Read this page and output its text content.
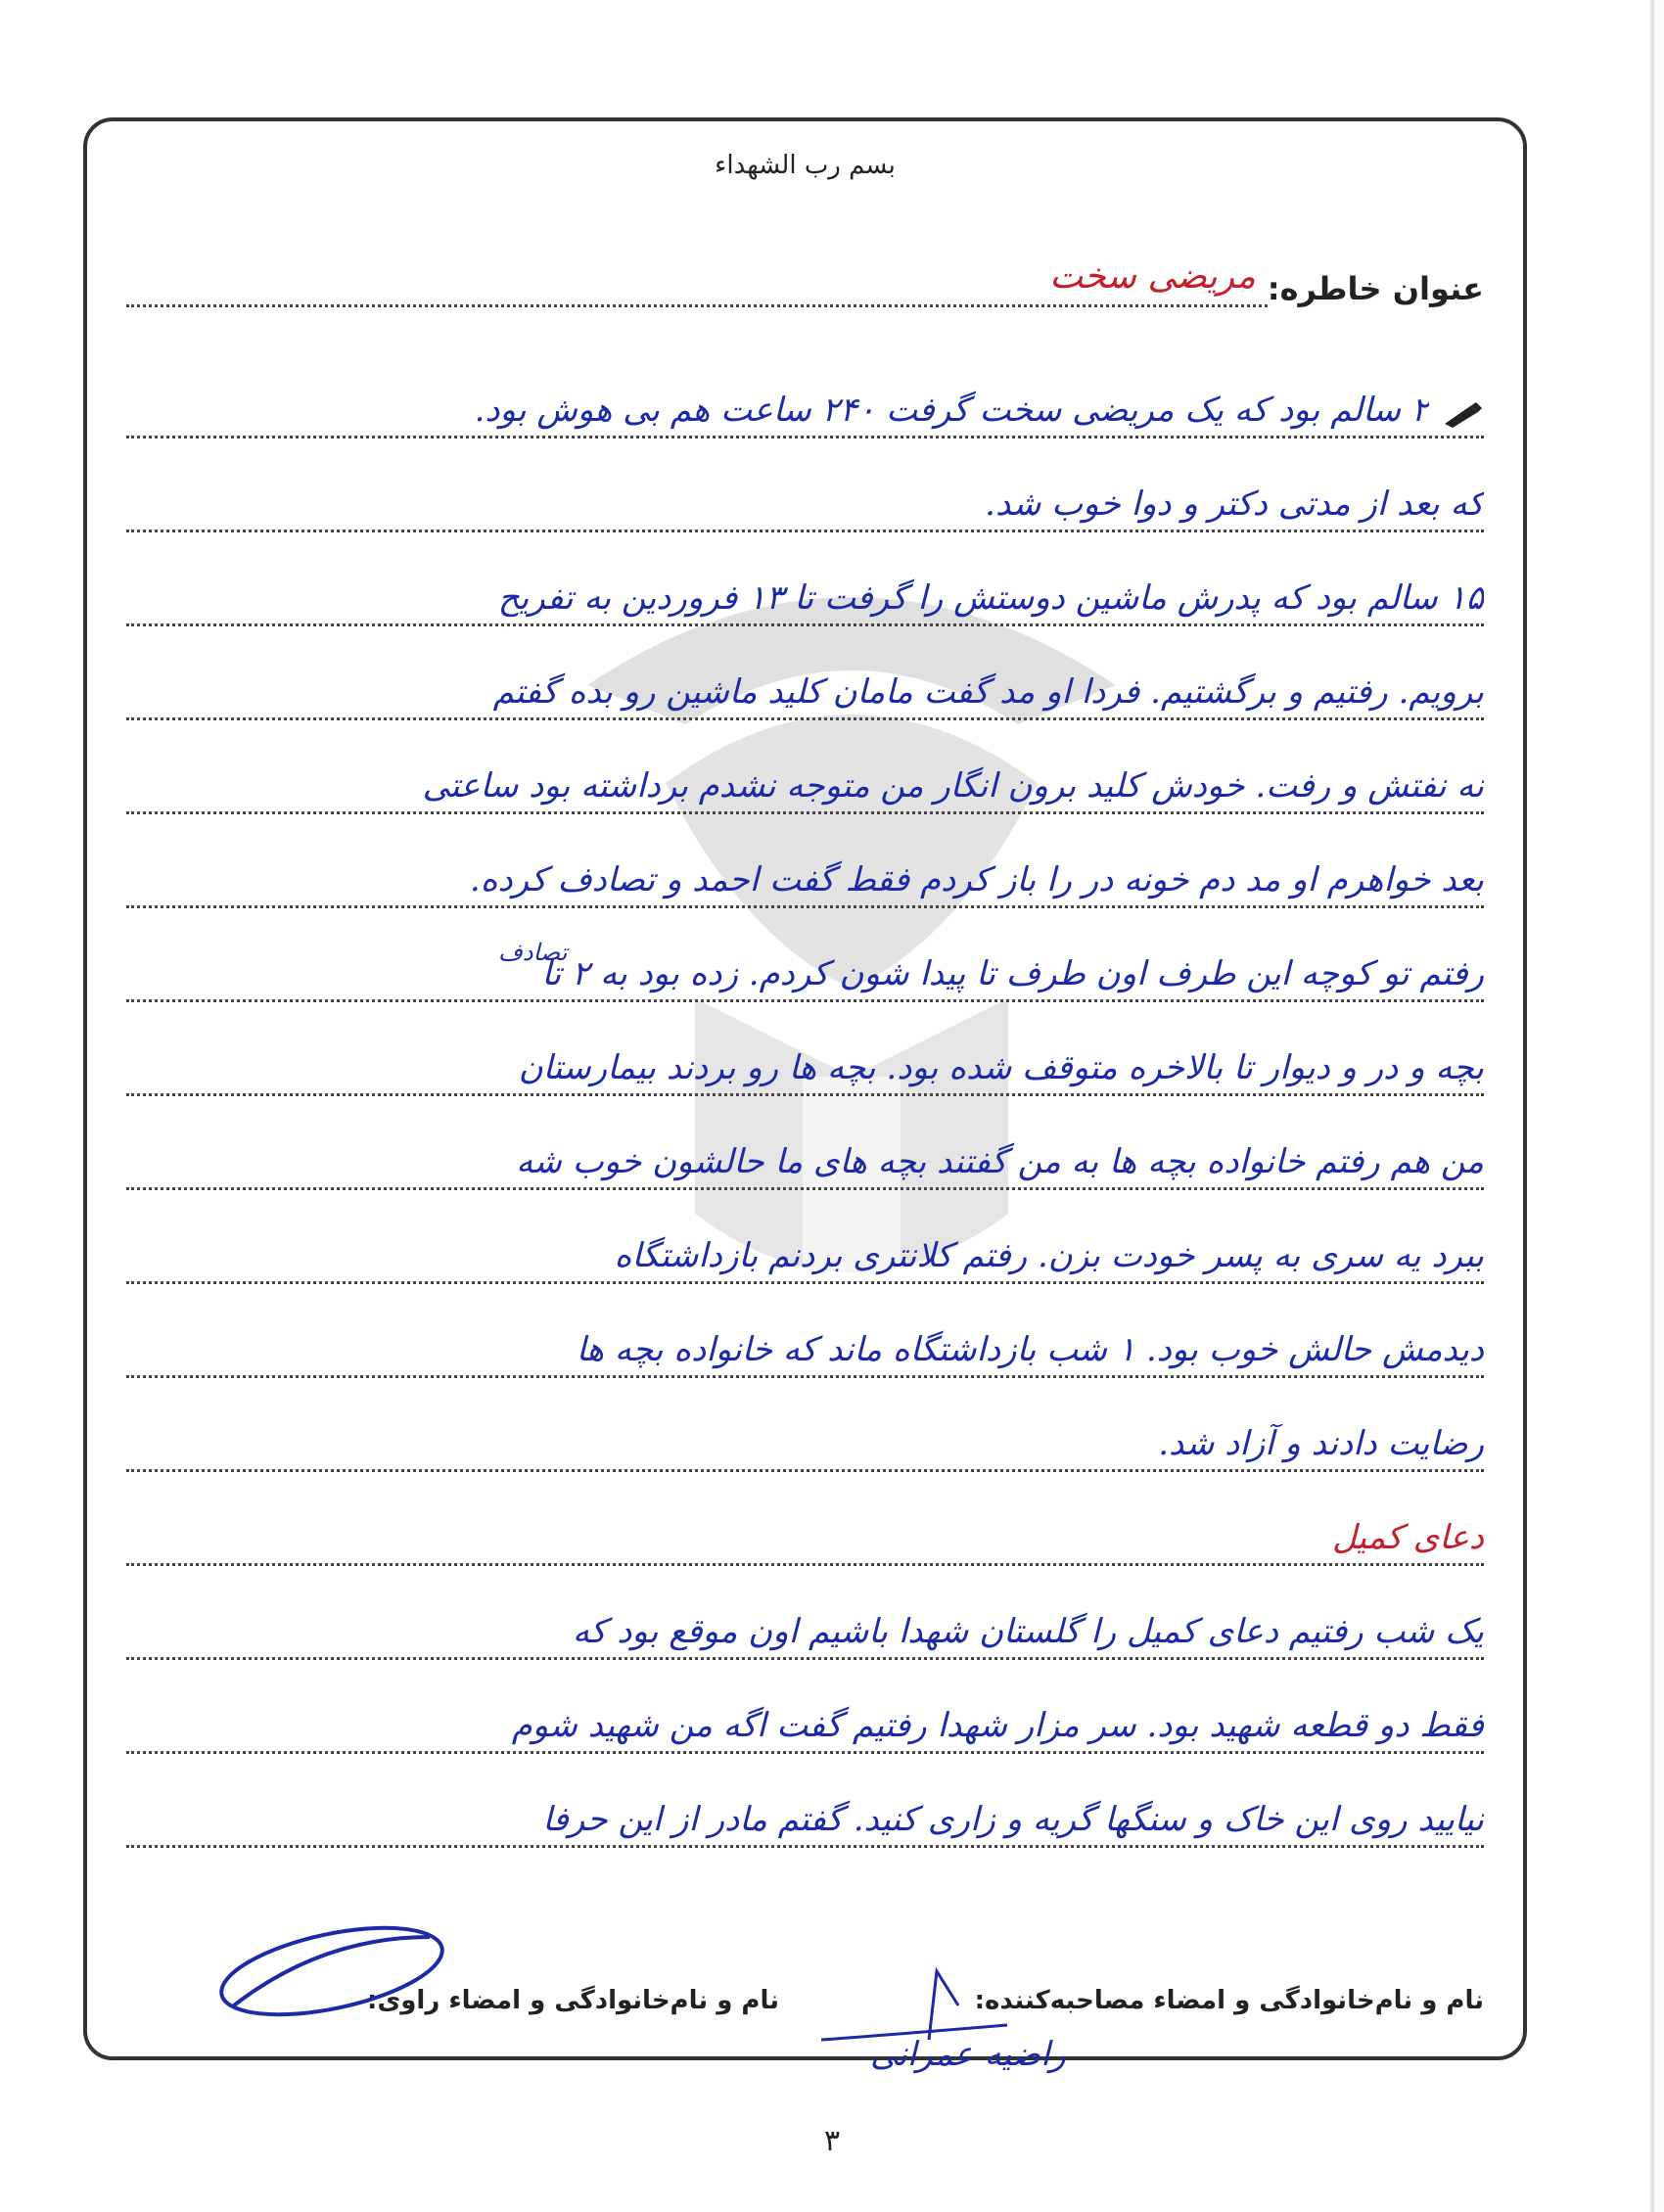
بسم رب الشهداء
عنوان خاطره:
مریضی سخت
۲ سالم بود که یک مریضی سخت گرفت ۲۴۰ ساعت هم بی هوش بود.
که بعد از مدتی دکتر و دوا خوب شد.
۱۵ سالم بود که پدرش ماشین دوستش را گرفت تا ۱۳ فروردین به تفریح
برویم. رفتیم و برگشتیم. فردا او مد گفت مامان کلید ماشین رو بده گفتم
نه نفتش و رفت. خودش کلید برون انگار من متوجه نشدم برداشته بود ساعتی
بعد خواهرم او مد دم خونه در را باز کردم فقط گفت احمد و تصادف کرده.
رفتم تو کوچه این طرف اون طرف تا پیدا شون کردم. زده بود به ۲ تا
بچه و در و دیوار تا بالاخره متوقف شده بود. بچه ها رو بردند بیمارستان
من هم رفتم خانواده بچه ها به من گفتند بچه های ما حالشون خوب شه
ببرد یه سری به پسر خودت بزن. رفتم کلانتری بردنم بازداشتگاه
دیدمش حالش خوب بود. ۱ شب بازداشتگاه ماند که خانواده بچه ها
رضایت دادند و آزاد شد.
دعای کمیل
یک شب رفتیم دعای کمیل را گلستان شهدا باشیم اون موقع بود که
فقط دو قطعه شهید بود. سر مزار شهدا رفتیم گفت اگه من شهید شوم
نیایید روی این خاک و سنگها گریه و زاری کنید. گفتم مادر از این حرفا
تصادف
نام و نام‌خانوادگی و امضاء مصاحبه‌کننده:
نام و نام‌خانوادگی و امضاء راوی:
راضیه عمرانی
۳
